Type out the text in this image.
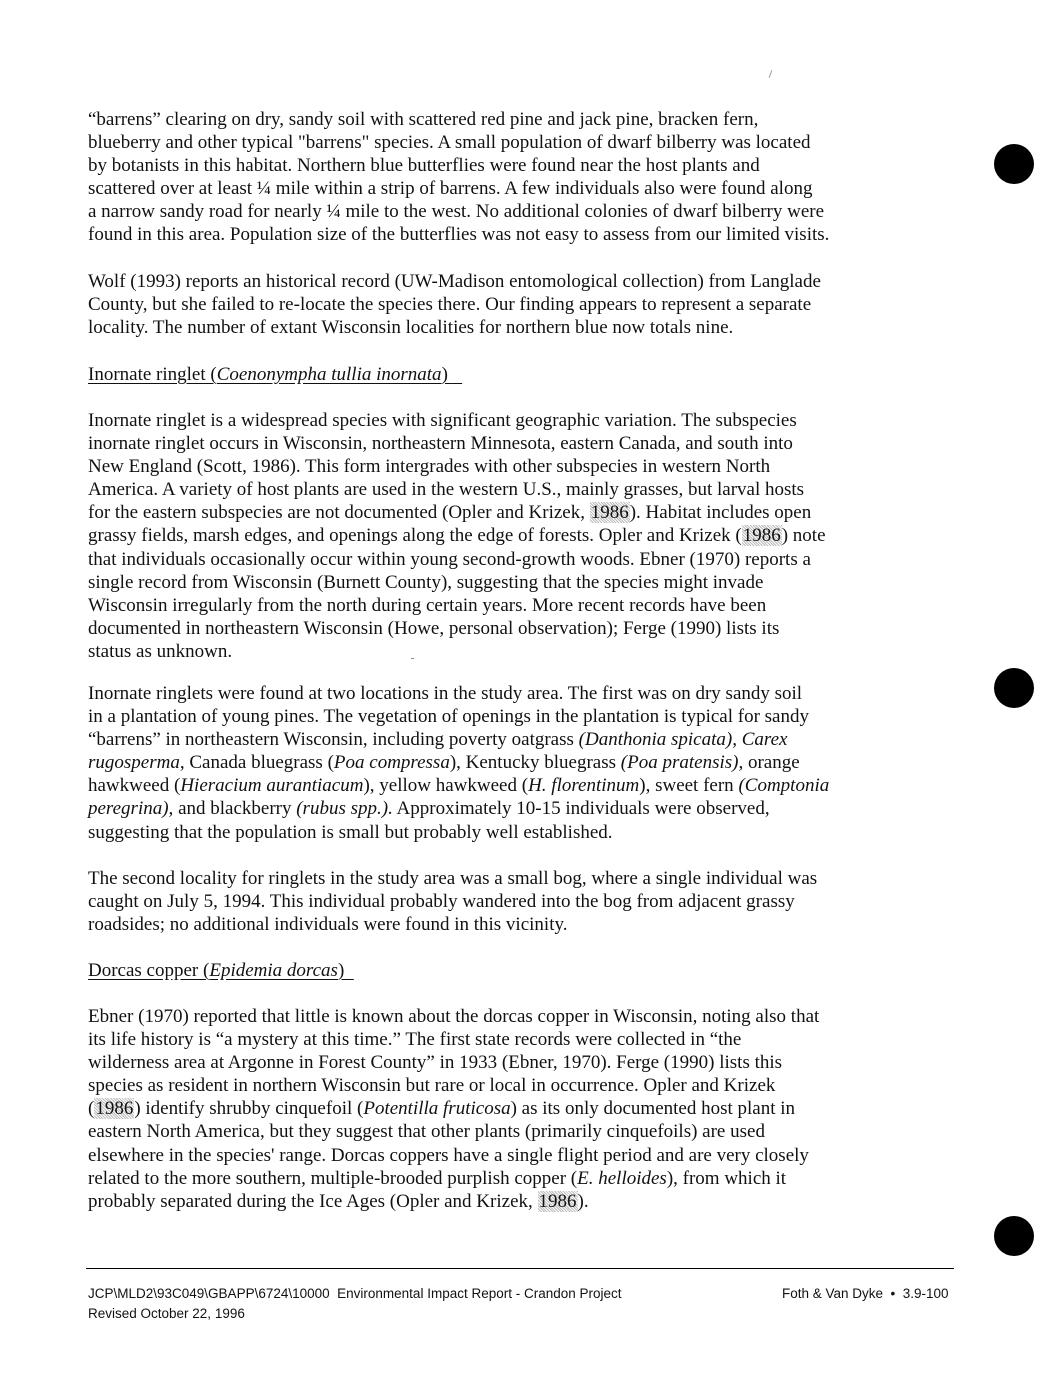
“barrens” clearing on dry, sandy soil with scattered red pine and jack pine, bracken fern,
blueberry and other typical "barrens" species. A small population of dwarf bilberry was located
by botanists in this habitat. Northern blue butterflies were found near the host plants and
scattered over at least ¼ mile within a strip of barrens. A few individuals also were found along
a narrow sandy road for nearly ¼ mile to the west. No additional colonies of dwarf bilberry were
found in this area. Population size of the butterflies was not easy to assess from our limited visits.

Wolf (1993) reports an historical record (UW-Madison entomological collection) from Langlade
County, but she failed to re-locate the species there. Our finding appears to represent a separate
locality. The number of extant Wisconsin localities for northern blue now totals nine.

Inornate ringlet (Coenonympha tullia inornata)

Inornate ringlet is a widespread species with significant geographic variation. The subspecies
inornate ringlet occurs in Wisconsin, northeastern Minnesota, eastern Canada, and south into
New England (Scott, 1986). This form intergrades with other subspecies in western North
America. A variety of host plants are used in the western U.S., mainly grasses, but larval hosts
for the eastern subspecies are not documented (Opler and Krizek, 1986). Habitat includes open
grassy fields, marsh edges, and openings along the edge of forests. Opler and Krizek (1986) note
that individuals occasionally occur within young second-growth woods. Ebner (1970) reports a
single record from Wisconsin (Burnett County), suggesting that the species might invade
Wisconsin irregularly from the north during certain years. More recent records have been
documented in northeastern Wisconsin (Howe, personal observation); Ferge (1990) lists its
status as unknown.

Inornate ringlets were found at two locations in the study area. The first was on dry sandy soil
in a plantation of young pines. The vegetation of openings in the plantation is typical for sandy
“barrens” in northeastern Wisconsin, including poverty oatgrass (Danthonia spicata), Carex
rugosperma, Canada bluegrass (Poa compressa), Kentucky bluegrass (Poa pratensis), orange
hawkweed (Hieracium aurantiacum), yellow hawkweed (H. florentinum), sweet fern (Comptonia
peregrina), and blackberry (rubus spp.). Approximately 10-15 individuals were observed,
suggesting that the population is small but probably well established.

The second locality for ringlets in the study area was a small bog, where a single individual was
caught on July 5, 1994. This individual probably wandered into the bog from adjacent grassy
roadsides; no additional individuals were found in this vicinity.

Dorcas copper (Epidemia dorcas)

Ebner (1970) reported that little is known about the dorcas copper in Wisconsin, noting also that
its life history is “a mystery at this time.” The first state records were collected in “the
wilderness area at Argonne in Forest County” in 1933 (Ebner, 1970). Ferge (1990) lists this
species as resident in northern Wisconsin but rare or local in occurrence. Opler and Krizek
(1986) identify shrubby cinquefoil (Potentilla fruticosa) as its only documented host plant in
eastern North America, but they suggest that other plants (primarily cinquefoils) are used
elsewhere in the species' range. Dorcas coppers have a single flight period and are very closely
related to the more southern, multiple-brooded purplish copper (E. helloides), from which it
probably separated during the Ice Ages (Opler and Krizek, 1986).

JCP\MLD2\93C049\GBAPP\6724\10000  Environmental Impact Report - Crandon Project
Revised October 22, 1996
Foth & Van Dyke  •  3.9-100
